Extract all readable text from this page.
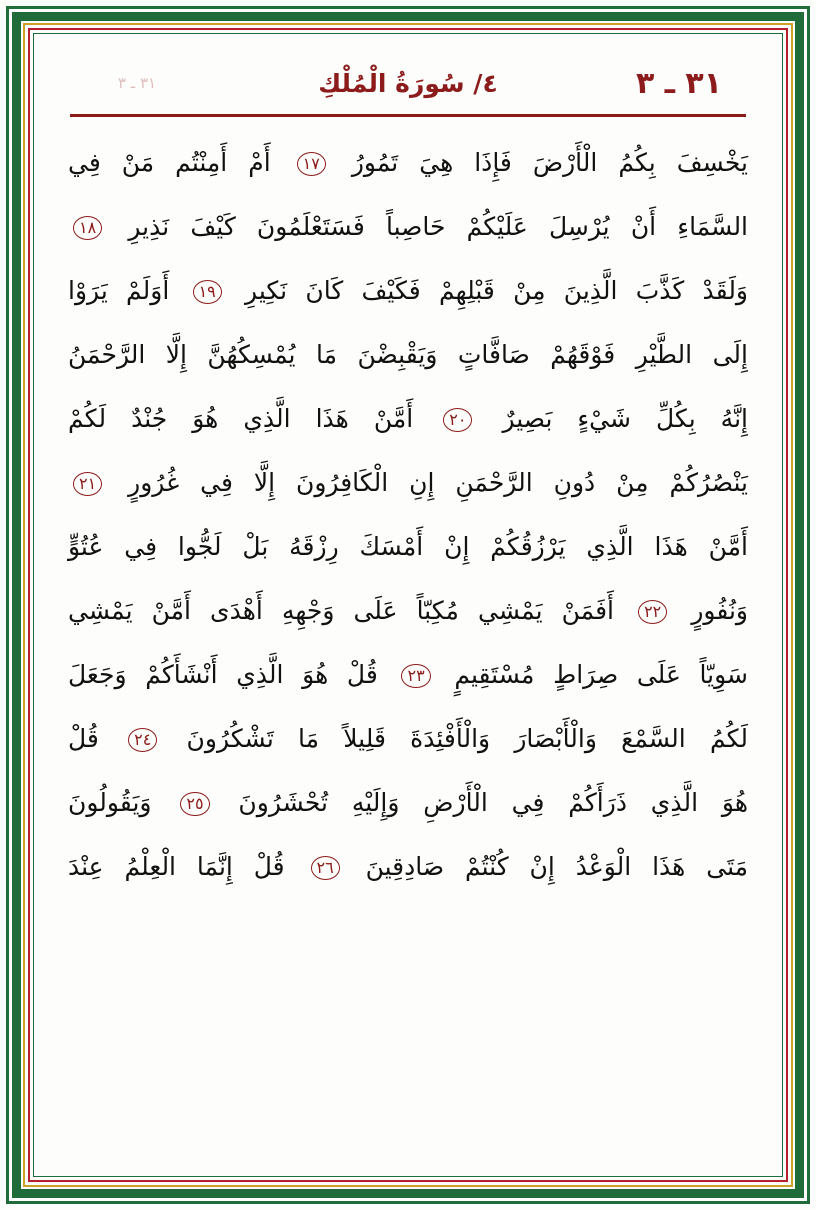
٣١ ـ ٣
٤/ سُورَةُ الْمُلْكِ
٣١ ـ ٣
يَخْسِفَ بِكُمُ الْأَرْضَ فَإِذَا هِيَ تَمُورُ ١٧ أَمْ أَمِنْتُم مَنْ فِي
السَّمَاءِ أَنْ يُرْسِلَ عَلَيْكُمْ حَاصِباً فَسَتَعْلَمُونَ كَيْفَ نَذِيرِ ١٨
وَلَقَدْ كَذَّبَ الَّذِينَ مِنْ قَبْلِهِمْ فَكَيْفَ كَانَ نَكِيرِ ١٩ أَوَلَمْ يَرَوْا
إِلَى الطَّيْرِ فَوْقَهُمْ صَافَّاتٍ وَيَقْبِضْنَ مَا يُمْسِكُهُنَّ إِلَّا الرَّحْمَنُ
إِنَّهُ بِكُلِّ شَيْءٍ بَصِيرٌ ٢٠ أَمَّنْ هَذَا الَّذِي هُوَ جُنْدٌ لَكُمْ
يَنْصُرُكُمْ مِنْ دُونِ الرَّحْمَنِ إِنِ الْكَافِرُونَ إِلَّا فِي غُرُورٍ ٢١
أَمَّنْ هَذَا الَّذِي يَرْزُقُكُمْ إِنْ أَمْسَكَ رِزْقَهُ بَلْ لَجُّوا فِي عُتُوٍّ
وَنُفُورٍ ٢٢ أَفَمَنْ يَمْشِي مُكِبّاً عَلَى وَجْهِهِ أَهْدَى أَمَّنْ يَمْشِي
سَوِيّاً عَلَى صِرَاطٍ مُسْتَقِيمٍ ٢٣ قُلْ هُوَ الَّذِي أَنْشَأَكُمْ وَجَعَلَ
لَكُمُ السَّمْعَ وَالْأَبْصَارَ وَالْأَفْئِدَةَ قَلِيلاً مَا تَشْكُرُونَ ٢٤ قُلْ
هُوَ الَّذِي ذَرَأَكُمْ فِي الْأَرْضِ وَإِلَيْهِ تُحْشَرُونَ ٢٥ وَيَقُولُونَ
مَتَى هَذَا الْوَعْدُ إِنْ كُنْتُمْ صَادِقِينَ ٢٦ قُلْ إِنَّمَا الْعِلْمُ عِنْدَ
